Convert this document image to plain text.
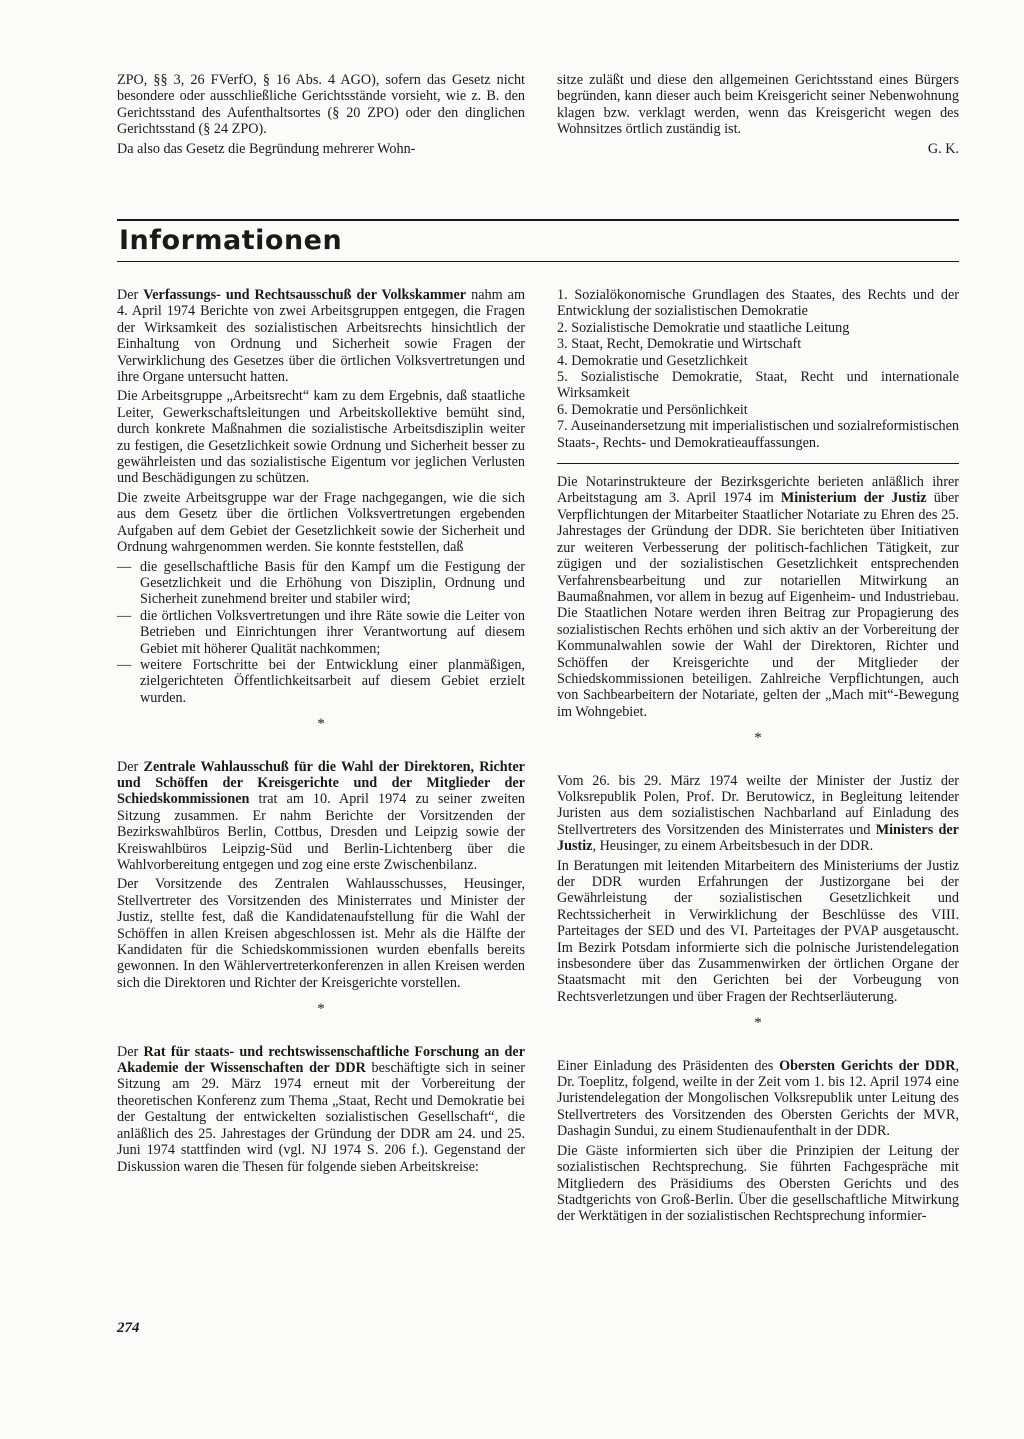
ZPO, §§ 3, 26 FVerfO, § 16 Abs. 4 AGO), sofern das Gesetz nicht besondere oder ausschließliche Gerichtsstände vorsieht, wie z. B. den Gerichtsstand des Aufenthaltsortes (§ 20 ZPO) oder den dinglichen Gerichtsstand (§ 24 ZPO).

Da also das Gesetz die Begründung mehrerer Wohn-

sitze zuläßt und diese den allgemeinen Gerichtsstand eines Bürgers begründen, kann dieser auch beim Kreisgericht seiner Nebenwohnung klagen bzw. verklagt werden, wenn das Kreisgericht wegen des Wohnsitzes örtlich zuständig ist.

G. K.

Informationen

Der Verfassungs- und Rechtsausschuß der Volkskammer nahm am 4. April 1974 Berichte von zwei Arbeitsgruppen entgegen, die Fragen der Wirksamkeit des sozialistischen Arbeitsrechts hinsichtlich der Einhaltung von Ordnung und Sicherheit sowie Fragen der Verwirklichung des Gesetzes über die örtlichen Volksvertretungen und ihre Organe untersucht hatten.

Die Arbeitsgruppe „Arbeitsrecht“ kam zu dem Ergebnis, daß staatliche Leiter, Gewerkschaftsleitungen und Arbeitskollektive bemüht sind, durch konkrete Maßnahmen die sozialistische Arbeitsdisziplin weiter zu festigen, die Gesetzlichkeit sowie Ordnung und Sicherheit besser zu gewährleisten und das sozialistische Eigentum vor jeglichen Verlusten und Beschädigungen zu schützen.

Die zweite Arbeitsgruppe war der Frage nachgegangen, wie die sich aus dem Gesetz über die örtlichen Volksvertretungen ergebenden Aufgaben auf dem Gebiet der Gesetzlichkeit sowie der Sicherheit und Ordnung wahrgenommen werden. Sie konnte feststellen, daß

— die gesellschaftliche Basis für den Kampf um die Festigung der Gesetzlichkeit und die Erhöhung von Disziplin, Ordnung und Sicherheit zunehmend breiter und stabiler wird;
— die örtlichen Volksvertretungen und ihre Räte sowie die Leiter von Betrieben und Einrichtungen ihrer Verantwortung auf diesem Gebiet mit höherer Qualität nachkommen;
— weitere Fortschritte bei der Entwicklung einer planmäßigen, zielgerichteten Öffentlichkeitsarbeit auf diesem Gebiet erzielt wurden.
*

Der Zentrale Wahlausschuß für die Wahl der Direktoren, Richter und Schöffen der Kreisgerichte und der Mitglieder der Schiedskommissionen trat am 10. April 1974 zu seiner zweiten Sitzung zusammen. Er nahm Berichte der Vorsitzenden der Bezirkswahlbüros Berlin, Cottbus, Dresden und Leipzig sowie der Kreiswahlbüros Leipzig-Süd und Berlin-Lichtenberg über die Wahlvorbereitung entgegen und zog eine erste Zwischenbilanz.

Der Vorsitzende des Zentralen Wahlausschusses, Heusinger, Stellvertreter des Vorsitzenden des Ministerrates und Minister der Justiz, stellte fest, daß die Kandidatenaufstellung für die Wahl der Schöffen in allen Kreisen abgeschlossen ist. Mehr als die Hälfte der Kandidaten für die Schiedskommissionen wurden ebenfalls bereits gewonnen. In den Wählervertreterkonferenzen in allen Kreisen werden sich die Direktoren und Richter der Kreisgerichte vorstellen.

*

Der Rat für staats- und rechtswissenschaftliche Forschung an der Akademie der Wissenschaften der DDR beschäftigte sich in seiner Sitzung am 29. März 1974 erneut mit der Vorbereitung der theoretischen Konferenz zum Thema „Staat, Recht und Demokratie bei der Gestaltung der entwickelten sozialistischen Gesellschaft“, die anläßlich des 25. Jahrestages der Gründung der DDR am 24. und 25. Juni 1974 stattfinden wird (vgl. NJ 1974 S. 206 f.). Gegenstand der Diskussion waren die Thesen für folgende sieben Arbeitskreise:

1. Sozialökonomische Grundlagen des Staates, des Rechts und der Entwicklung der sozialistischen Demokratie
2. Sozialistische Demokratie und staatliche Leitung
3. Staat, Recht, Demokratie und Wirtschaft
4. Demokratie und Gesetzlichkeit
5. Sozialistische Demokratie, Staat, Recht und internationale Wirksamkeit
6. Demokratie und Persönlichkeit
7. Auseinandersetzung mit imperialistischen und sozialreformistischen Staats-, Rechts- und Demokratieauffassungen.

Die Notarinstrukteure der Bezirksgerichte berieten anläßlich ihrer Arbeitstagung am 3. April 1974 im Ministerium der Justiz über Verpflichtungen der Mitarbeiter Staatlicher Notariate zu Ehren des 25. Jahrestages der Gründung der DDR. Sie berichteten über Initiativen zur weiteren Verbesserung der politisch-fachlichen Tätigkeit, zur zügigen und der sozialistischen Gesetzlichkeit entsprechenden Verfahrensbearbeitung und zur notariellen Mitwirkung an Baumaßnahmen, vor allem in bezug auf Eigenheim- und Industriebau. Die Staatlichen Notare werden ihren Beitrag zur Propagierung des sozialistischen Rechts erhöhen und sich aktiv an der Vorbereitung der Kommunalwahlen sowie der Wahl der Direktoren, Richter und Schöffen der Kreisgerichte und der Mitglieder der Schiedskommissionen beteiligen. Zahlreiche Verpflichtungen, auch von Sachbearbeitern der Notariate, gelten der „Mach mit“-Bewegung im Wohngebiet.

*

Vom 26. bis 29. März 1974 weilte der Minister der Justiz der Volksrepublik Polen, Prof. Dr. Berutowicz, in Begleitung leitender Juristen aus dem sozialistischen Nachbarland auf Einladung des Stellvertreters des Vorsitzenden des Ministerrates und Ministers der Justiz, Heusinger, zu einem Arbeitsbesuch in der DDR.

In Beratungen mit leitenden Mitarbeitern des Ministeriums der Justiz der DDR wurden Erfahrungen der Justizorgane bei der Gewährleistung der sozialistischen Gesetzlichkeit und Rechtssicherheit in Verwirklichung der Beschlüsse des VIII. Parteitages der SED und des VI. Parteitages der PVAP ausgetauscht. Im Bezirk Potsdam informierte sich die polnische Juristendelegation insbesondere über das Zusammenwirken der örtlichen Organe der Staatsmacht mit den Gerichten bei der Vorbeugung von Rechtsverletzungen und über Fragen der Rechtserläuterung.

*

Einer Einladung des Präsidenten des Obersten Gerichts der DDR, Dr. Toeplitz, folgend, weilte in der Zeit vom 1. bis 12. April 1974 eine Juristendelegation der Mongolischen Volksrepublik unter Leitung des Stellvertreters des Vorsitzenden des Obersten Gerichts der MVR, Dashagin Sundui, zu einem Studienaufenthalt in der DDR.

Die Gäste informierten sich über die Prinzipien der Leitung der sozialistischen Rechtsprechung. Sie führten Fachgespräche mit Mitgliedern des Präsidiums des Obersten Gerichts und des Stadtgerichts von Groß-Berlin. Über die gesellschaftliche Mitwirkung der Werktätigen in der sozialistischen Rechtsprechung informier-

274
